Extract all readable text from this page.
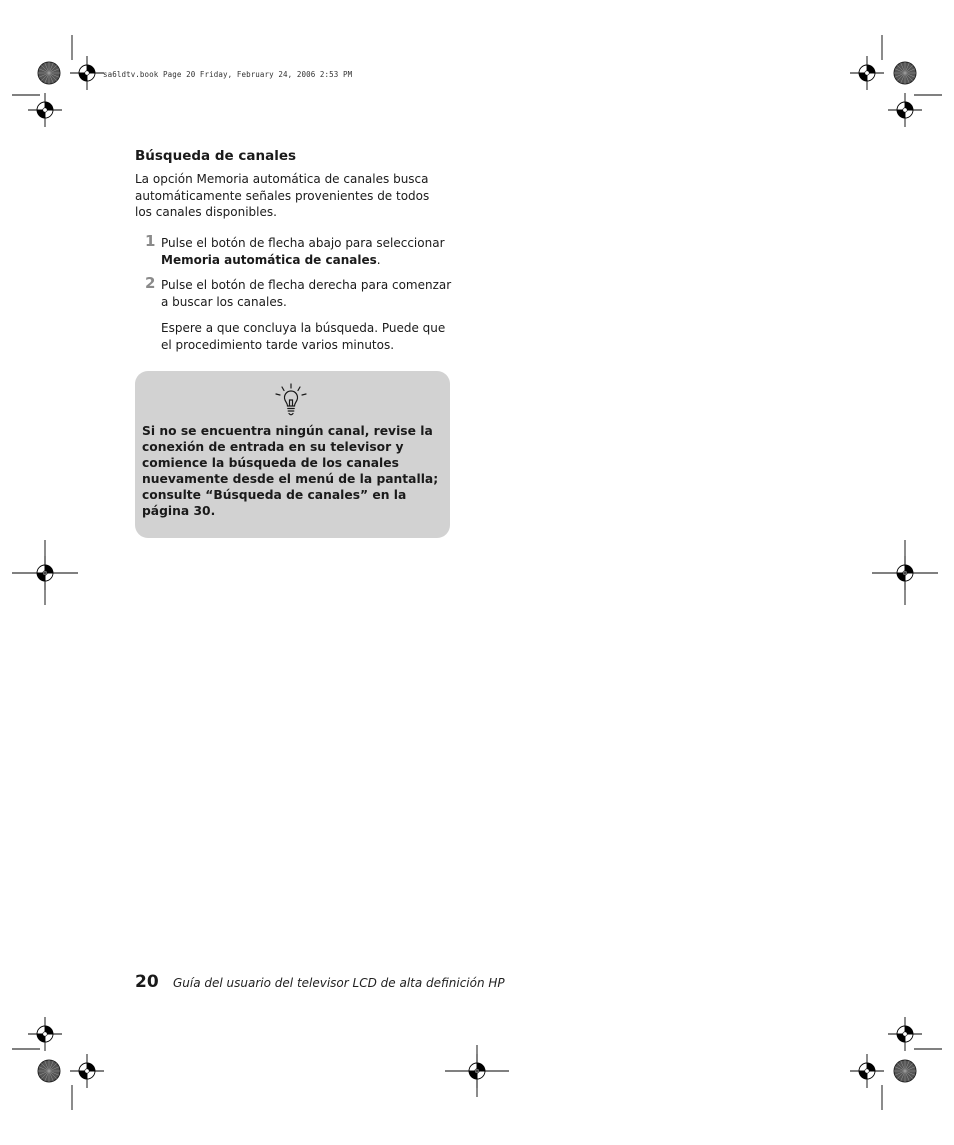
sa6ldtv.book Page 20 Friday, February 24, 2006 2:53 PM
Búsqueda de canales

La opción Memoria automática de canales busca automáticamente señales provenientes de todos los canales disponibles.

1 Pulse el botón de flecha abajo para seleccionar Memoria automática de canales.
2 Pulse el botón de flecha derecha para comenzar a buscar los canales.

Espere a que concluya la búsqueda. Puede que el procedimiento tarde varios minutos.

Si no se encuentra ningún canal, revise la conexión de entrada en su televisor y comience la búsqueda de los canales nuevamente desde el menú de la pantalla; consulte “Búsqueda de canales” en la página 30.

20 Guía del usuario del televisor LCD de alta definición HP
